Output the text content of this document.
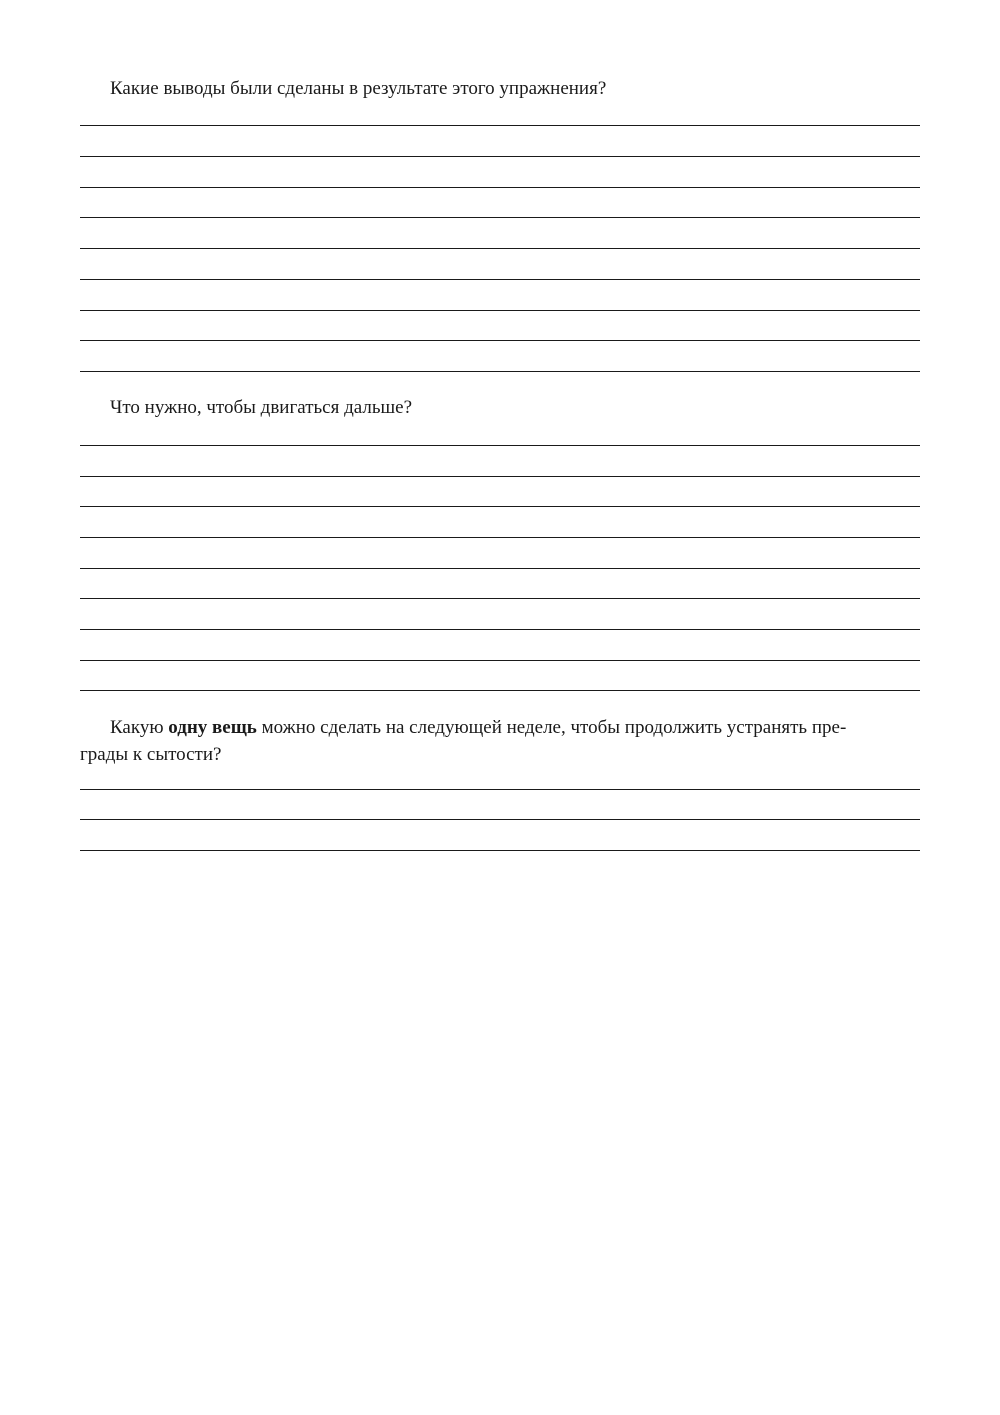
Какие выводы были сделаны в результате этого упражнения?

Что нужно, чтобы двигаться дальше?

Какую одну вещь можно сделать на следующей неделе, чтобы продолжить устранять пре-
грады к сытости?
